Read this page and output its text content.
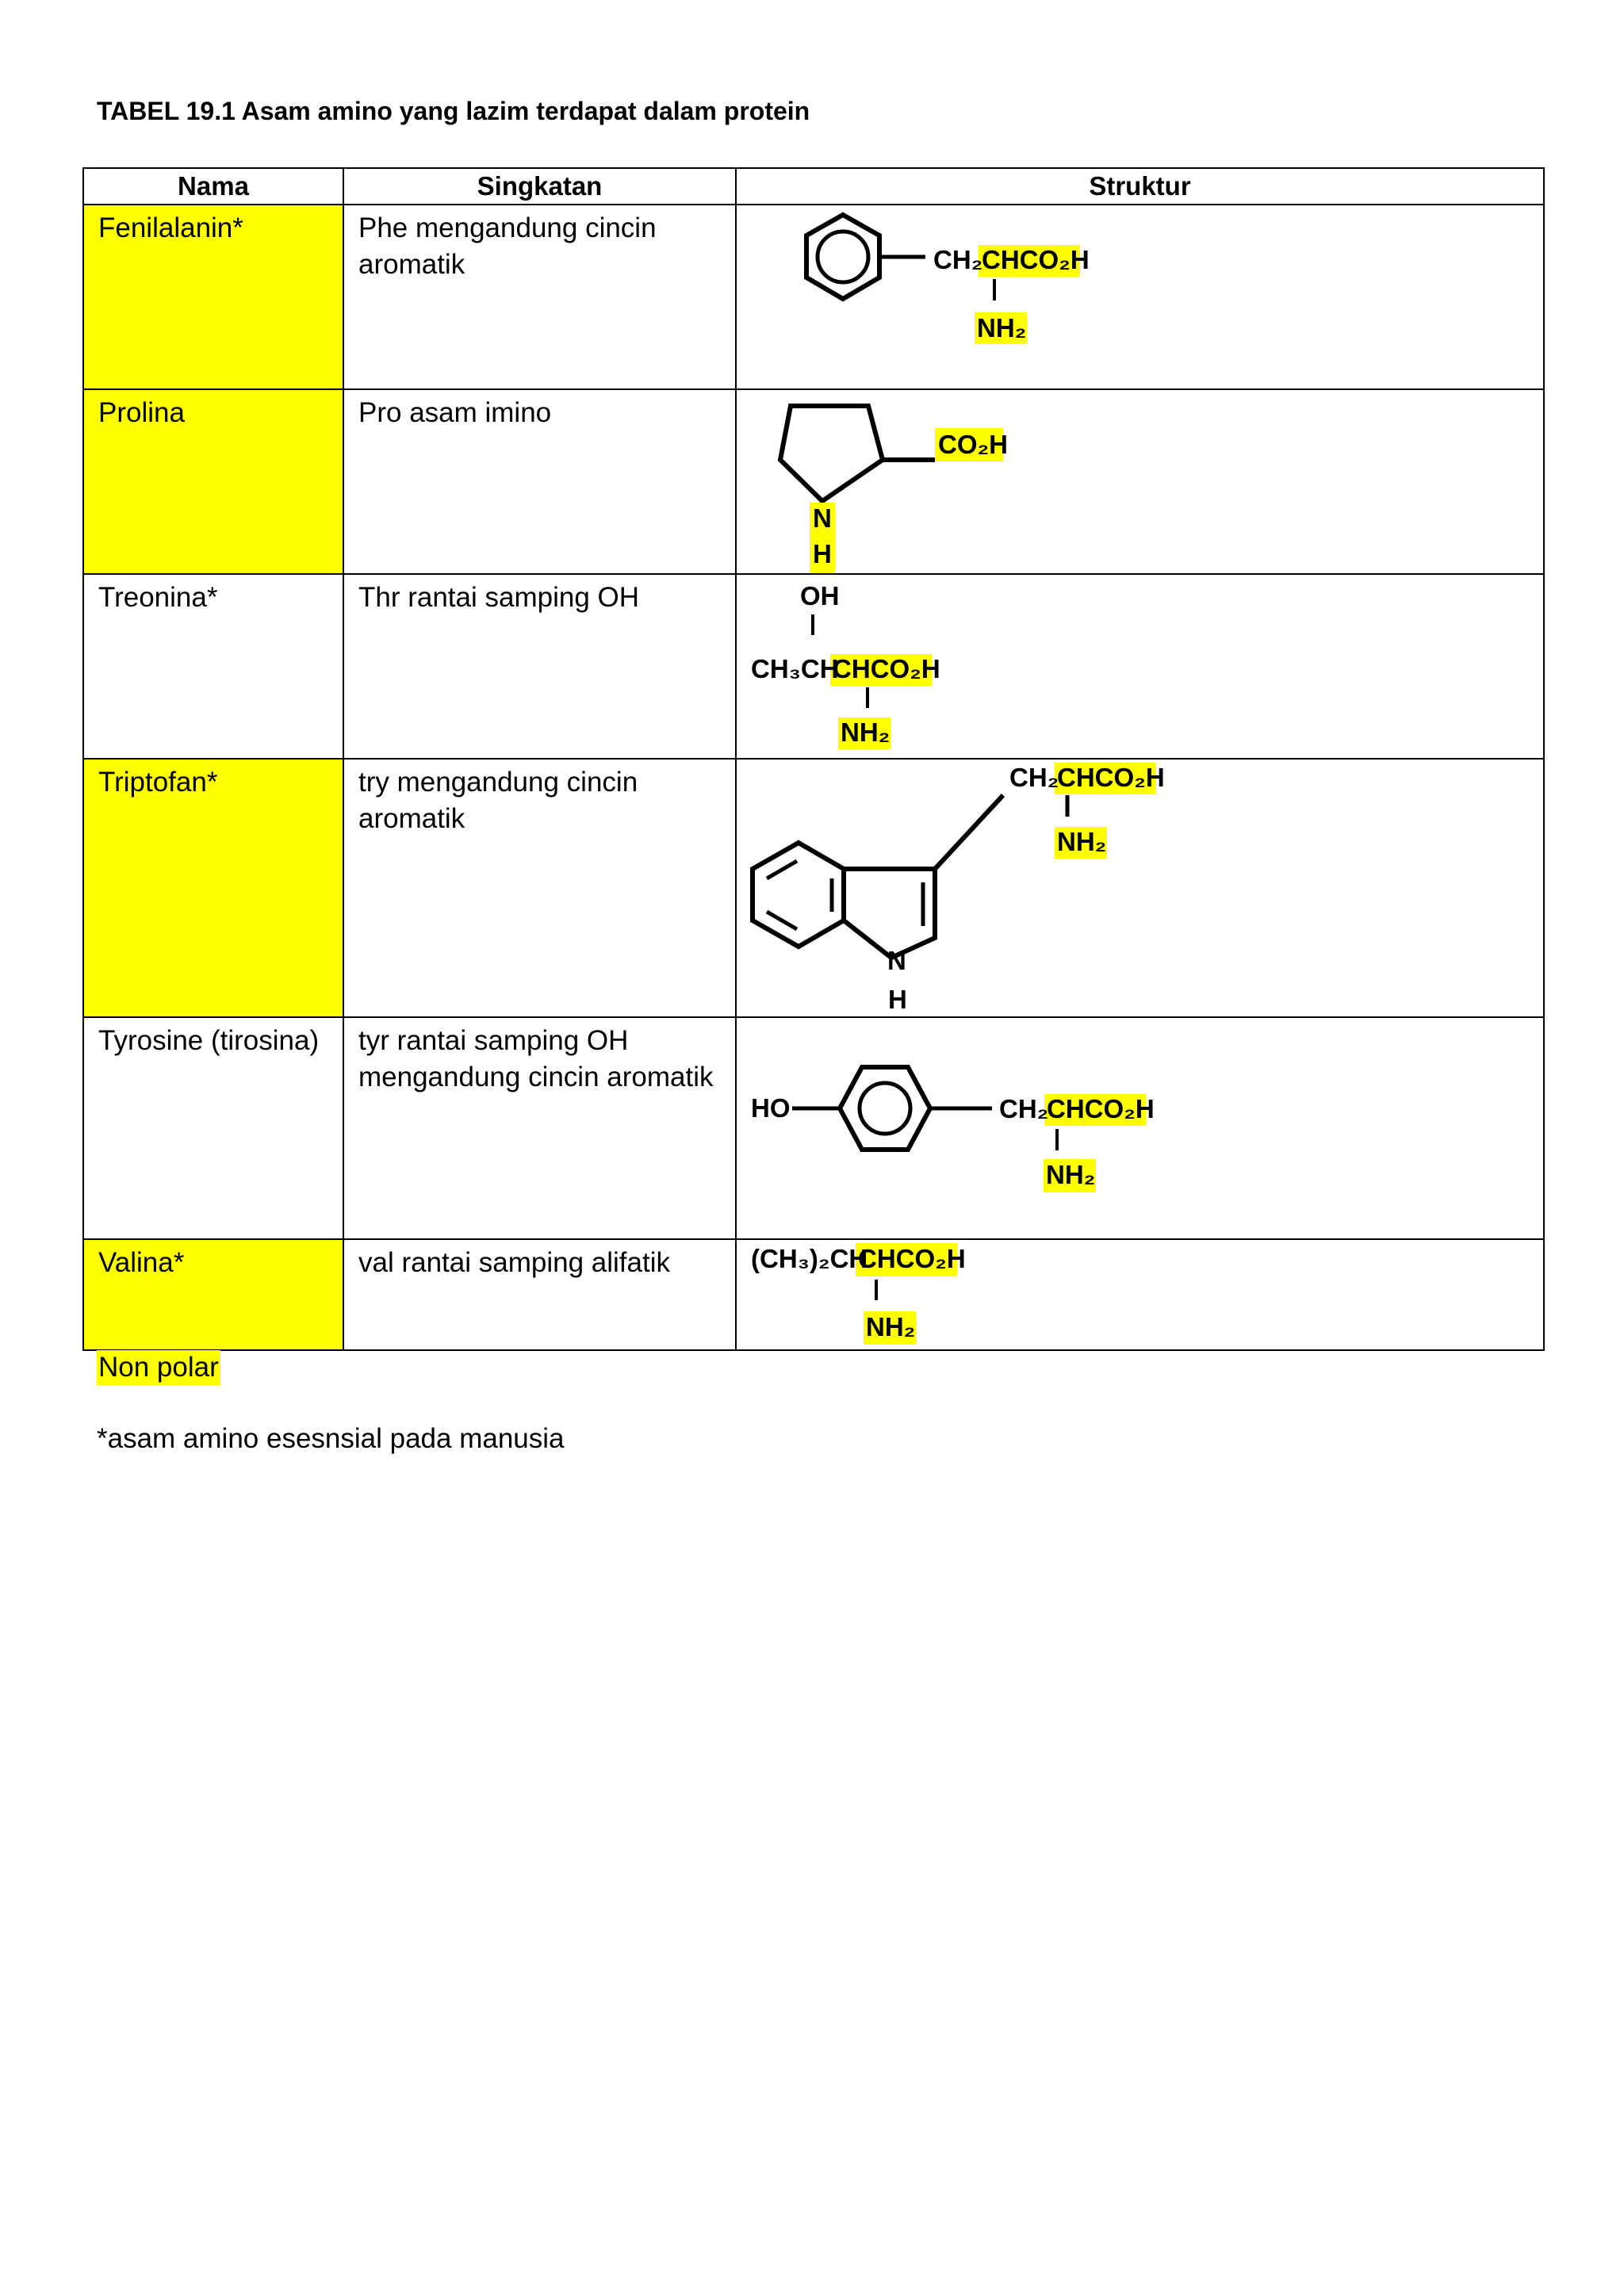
TABEL 19.1 Asam amino yang lazim terdapat dalam protein
Nama	Singkatan	Struktur

Fenilalanin*	Phe mengandung cincin aromatik	CH₂
CHCO₂H
NH₂

Prolina	Pro asam imino	CO₂H
N
H

Treonina*	Thr rantai samping OH	OH
CH₃CH
CHCO₂H
NH₂

Triptofan*	try mengandung cincin aromatik	N
H
CH₂
CHCO₂H
NH₂

Tyrosine (tirosina)	tyr rantai samping OH mengandung cincin aromatik	HO CH₂
CHCO₂H
NH₂

Valina*	val rantai samping alifatik	(CH₃)₂CH
CHCO₂H
NH₂
Non polar
*asam amino esesnsial pada manusia
